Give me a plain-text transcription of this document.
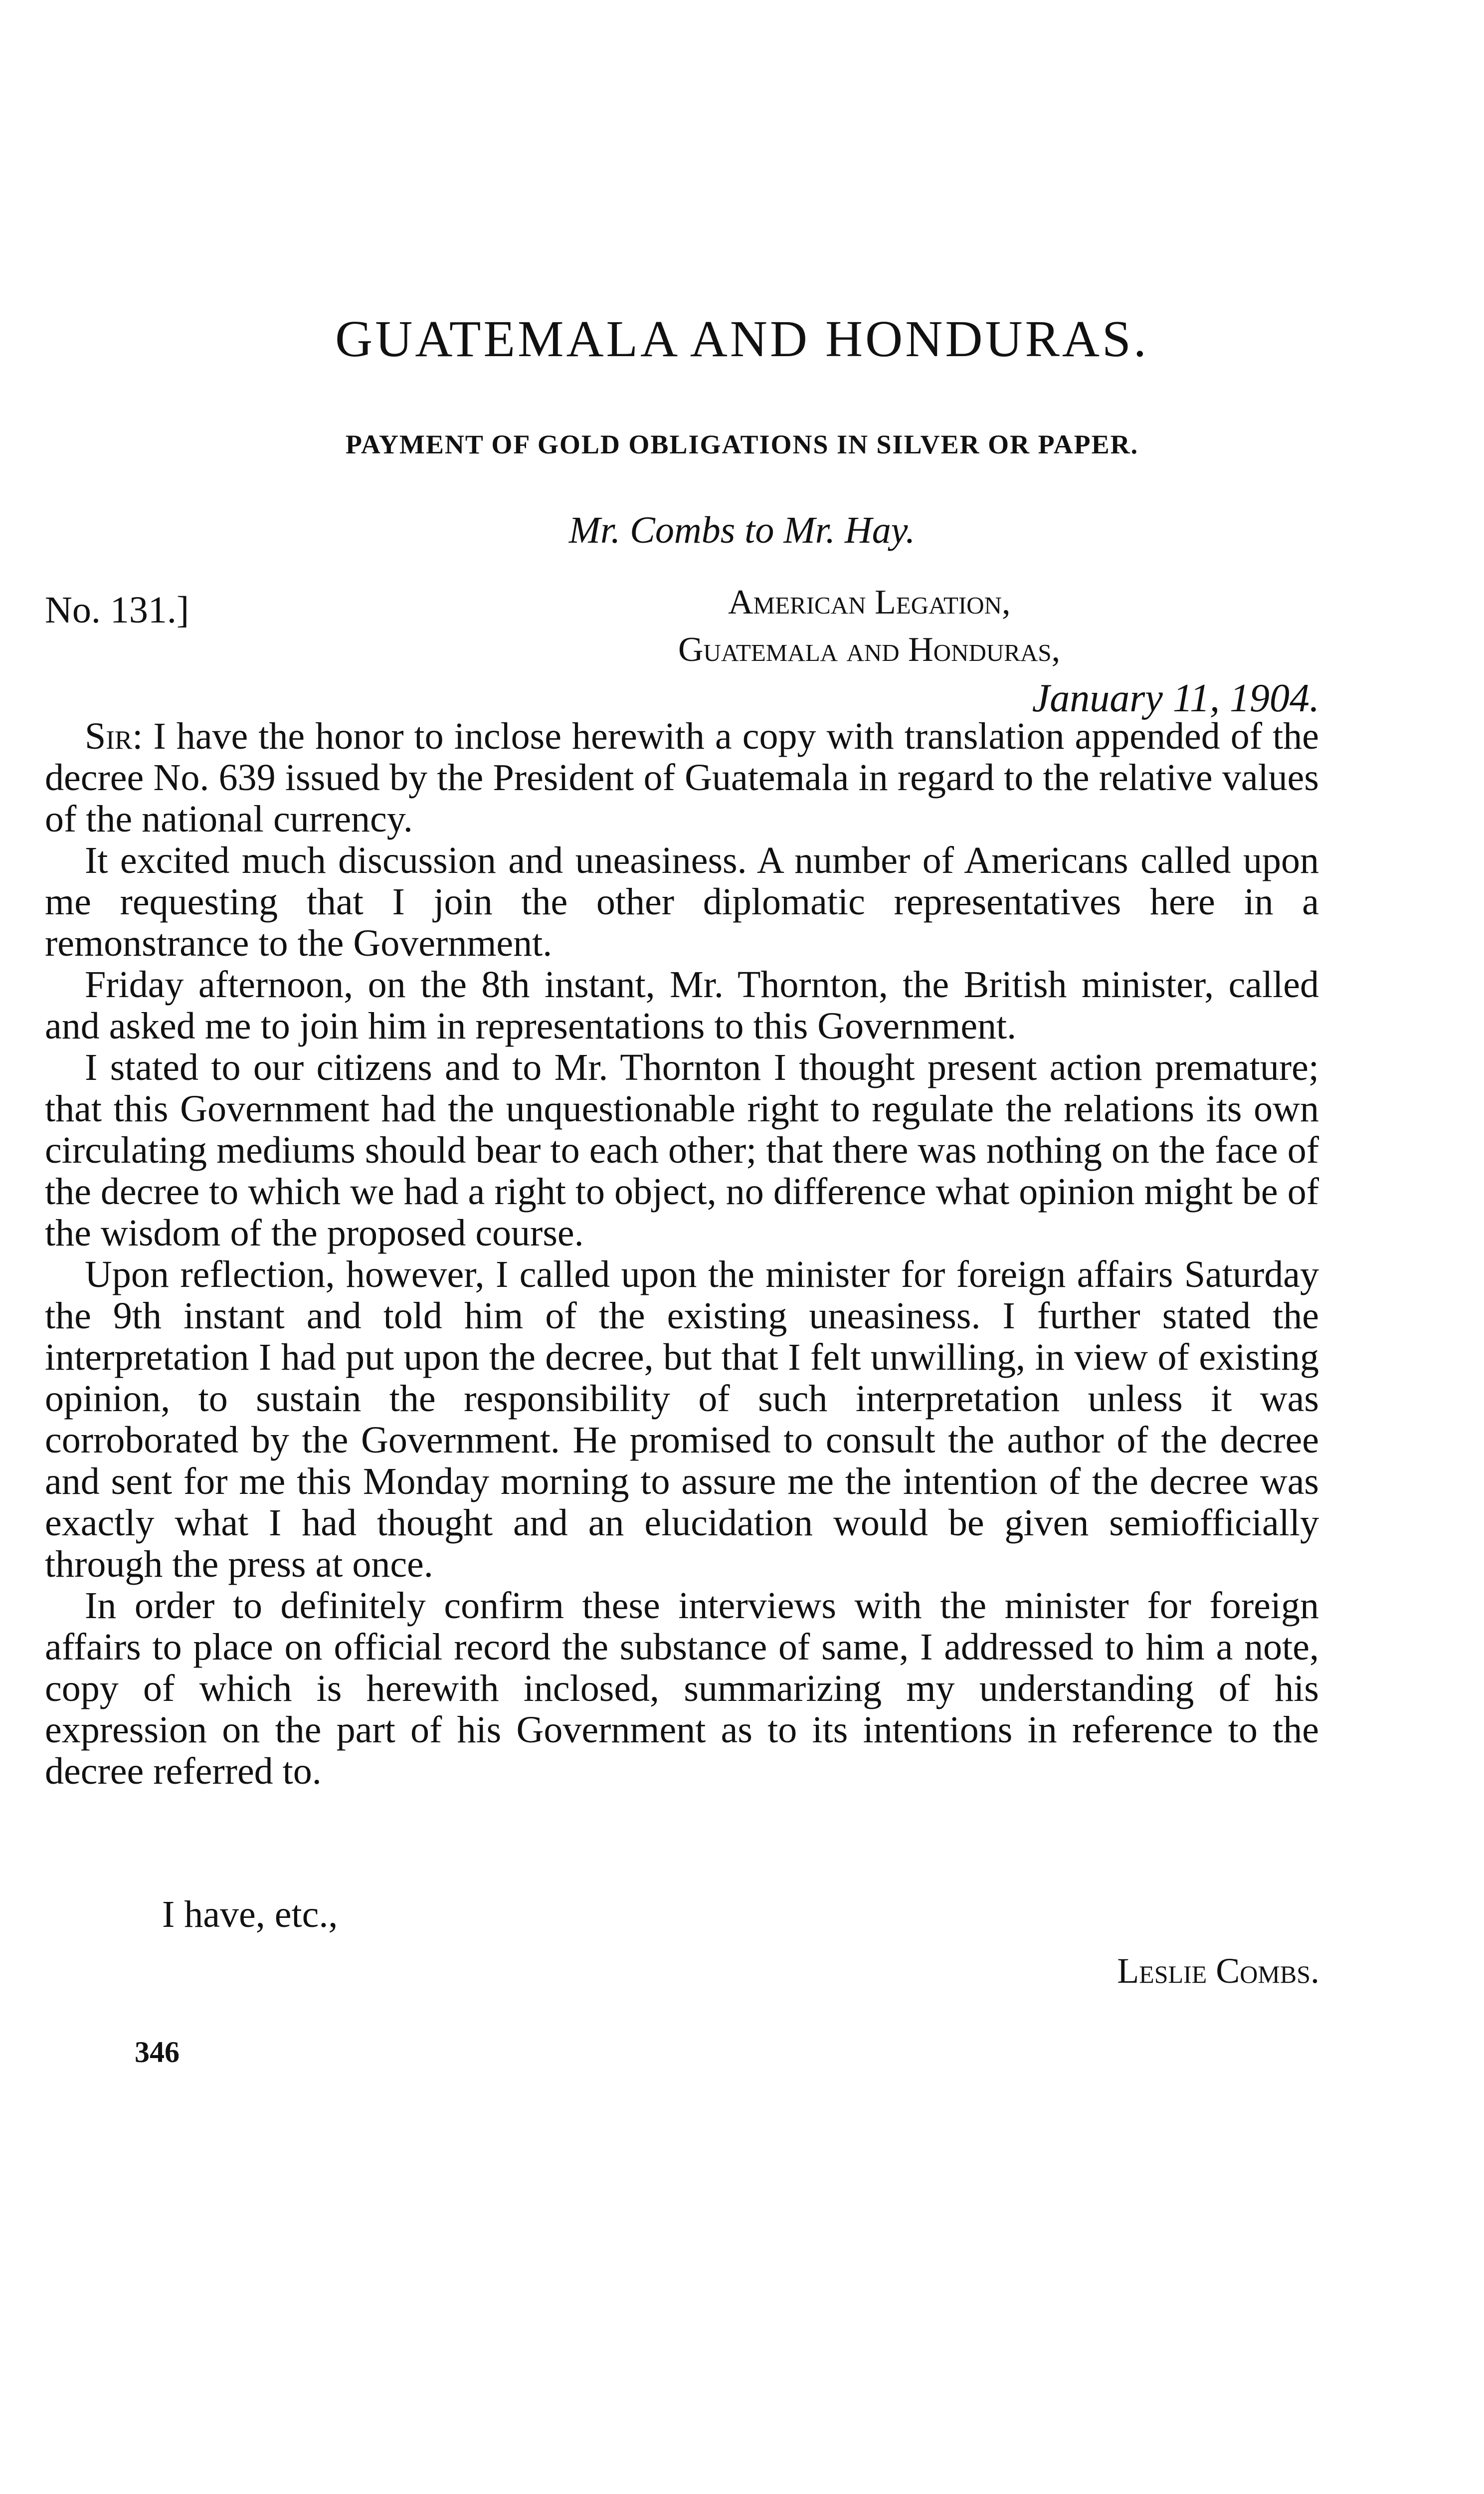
GUATEMALA AND HONDURAS.
PAYMENT OF GOLD OBLIGATIONS IN SILVER OR PAPER.
Mr. Combs to Mr. Hay.
No. 131.]	American Legation,
Guatemala and Honduras,
January 11, 1904.

Sir: I have the honor to inclose herewith a copy with translation appended of the decree No. 639 issued by the President of Guatemala in regard to the relative values of the national currency.

It excited much discussion and uneasiness. A number of Americans called upon me requesting that I join the other diplomatic representatives here in a remonstrance to the Government.

Friday afternoon, on the 8th instant, Mr. Thornton, the British minister, called and asked me to join him in representations to this Government.

I stated to our citizens and to Mr. Thornton I thought present action premature; that this Government had the unquestionable right to regulate the relations its own circulating mediums should bear to each other; that there was nothing on the face of the decree to which we had a right to object, no difference what opinion might be of the wisdom of the proposed course.

Upon reflection, however, I called upon the minister for foreign affairs Saturday the 9th instant and told him of the existing uneasiness. I further stated the interpretation I had put upon the decree, but that I felt unwilling, in view of existing opinion, to sustain the responsibility of such interpretation unless it was corroborated by the Government. He promised to consult the author of the decree and sent for me this Monday morning to assure me the intention of the decree was exactly what I had thought and an elucidation would be given semiofficially through the press at once.

In order to definitely confirm these interviews with the minister for foreign affairs to place on official record the substance of same, I addressed to him a note, copy of which is herewith inclosed, summarizing my understanding of his expression on the part of his Government as to its intentions in reference to the decree referred to.

I have, etc.,
Leslie Combs.
346
